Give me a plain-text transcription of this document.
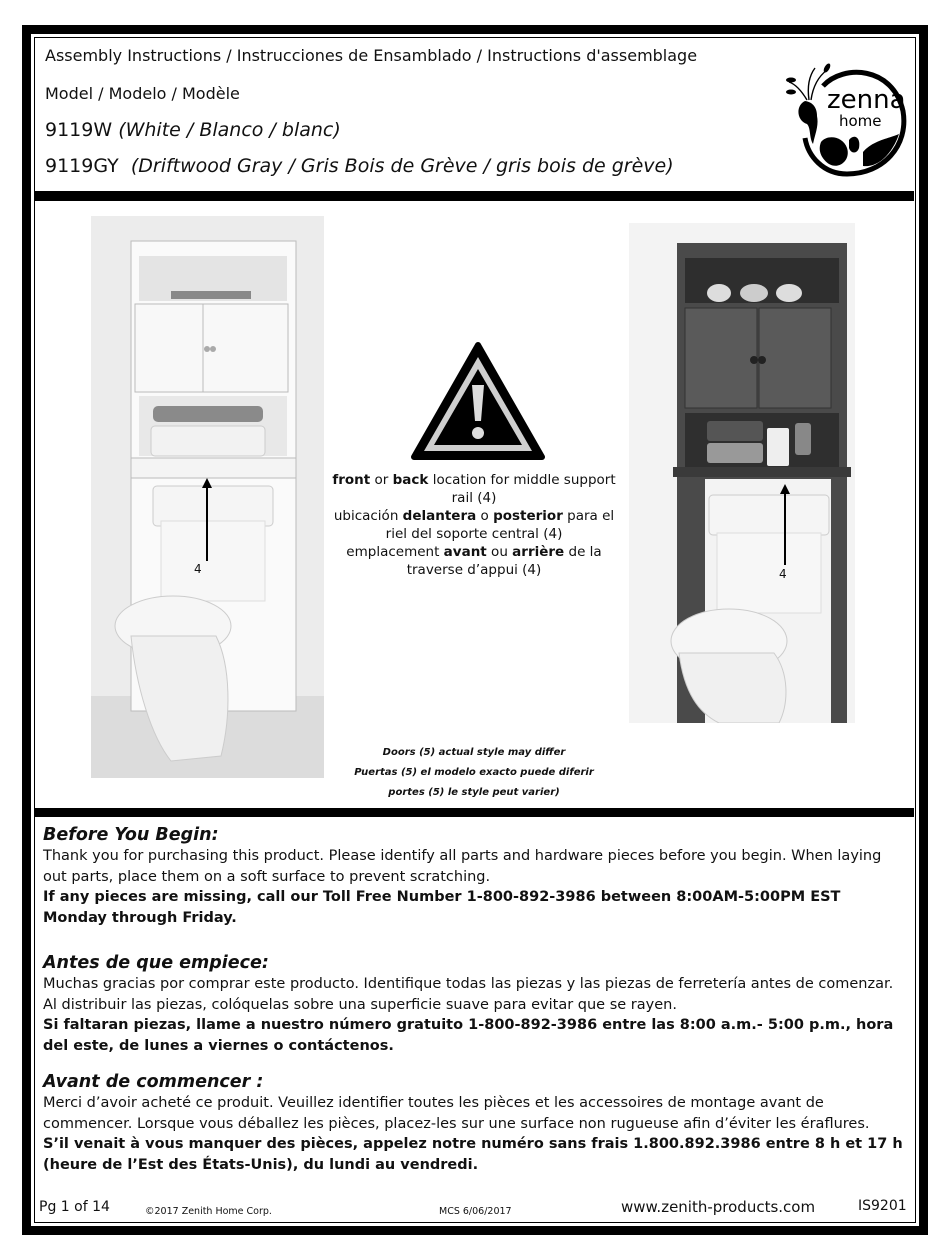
Assembly Instructions / Instrucciones de Ensamblado / Instructions d'assemblage
Model / Modelo / Modèle
9119W (White / Blanco / blanc)
9119GY (Driftwood Gray / Gris Bois de Grève / gris bois de grève)
zenna
home
4	4
front or back location for middle support rail (4)
ubicación delantera o posterior para el riel del soporte central (4)
emplacement avant ou arrière de la traverse d’appui (4)
Doors (5) actual style may differ
Puertas (5) el modelo exacto puede diferir
portes (5) le style peut varier)
Before You Begin:

Thank you for purchasing this product. Please identify all parts and hardware pieces before you begin. When laying out parts, place them on a soft surface to prevent scratching.

If any pieces are missing, call our Toll Free Number 1-800-892-3986 between 8:00AM-5:00PM EST Monday through Friday.

Antes de que empiece:

Muchas gracias por comprar este producto. Identifique todas las piezas y las piezas de ferretería antes de comenzar. Al distribuir las piezas, colóquelas sobre una superficie suave para evitar que se rayen.

Si faltaran piezas, llame a nuestro número gratuito 1-800-892-3986 entre las 8:00 a.m.- 5:00 p.m., hora del este, de lunes a viernes o contáctenos.

Avant de commencer :

Merci d’avoir acheté ce produit. Veuillez identifier toutes les pièces et les accessoires de montage avant de commencer. Lorsque vous déballez les pièces, placez-les sur une surface non rugueuse afin d’éviter les éraflures.

S’il venait à vous manquer des pièces, appelez notre numéro sans frais 1.800.892.3986 entre 8 h et 17 h (heure de l’Est des États-Unis), du lundi au vendredi.

Pg 1 of 14	©2017 Zenith Home Corp.	MCS 6/06/2017	www.zenith-products.com	IS9201
